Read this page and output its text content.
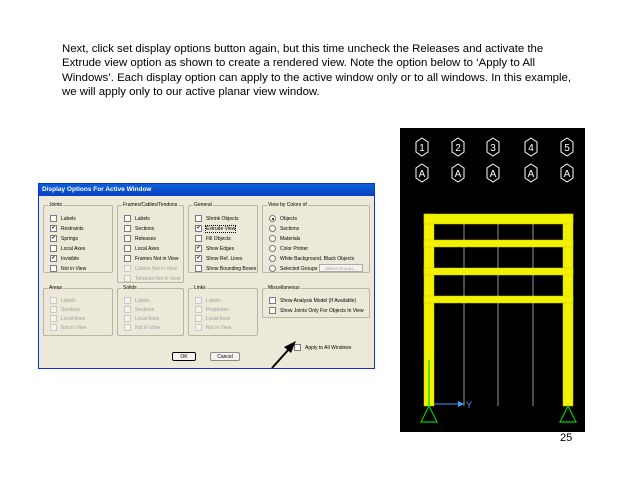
Next, click set display options button again, but this time uncheck the Releases and activate the
Extrude view option as shown to create a rendered view. Note the option below to ‘Apply to All
Windows’. Each display option can apply to the active window only or to all windows. In this example,
we will apply only to our active planar view window.
Display Options For Active Window
Joints
Labels
✔ Restraints
✔ Springs
Local Axes
✔ Invisible
Not in View
Frames/Cables/Tendons
Labels
Sections
Releases
Local Axes
Frames Not in View
Cables Not in View
Tendons Not in View
General
Shrink Objects
✔ Extrude View
Fill Objects
✔ Show Edges
✔ Show Ref. Lines
Show Bounding Boxes
View by Colors of
Objects
Sections
Materials
Color Printer
White Background, Black Objects
Selected Groups	Select Groups...
Areas
Labels
Sections
Local Axes
Not in View
Solids
Labels
Sections
Local Axes
Not in View
Links
Labels
Properties
Local Axes
Not in View
Miscellaneous
Show Analysis Model (If Available)
Show Joints Only For Objects In View
Apply to All Windows
OK	Cancel
1	2	3	4	5
A	A	A	A	A
Y
25
